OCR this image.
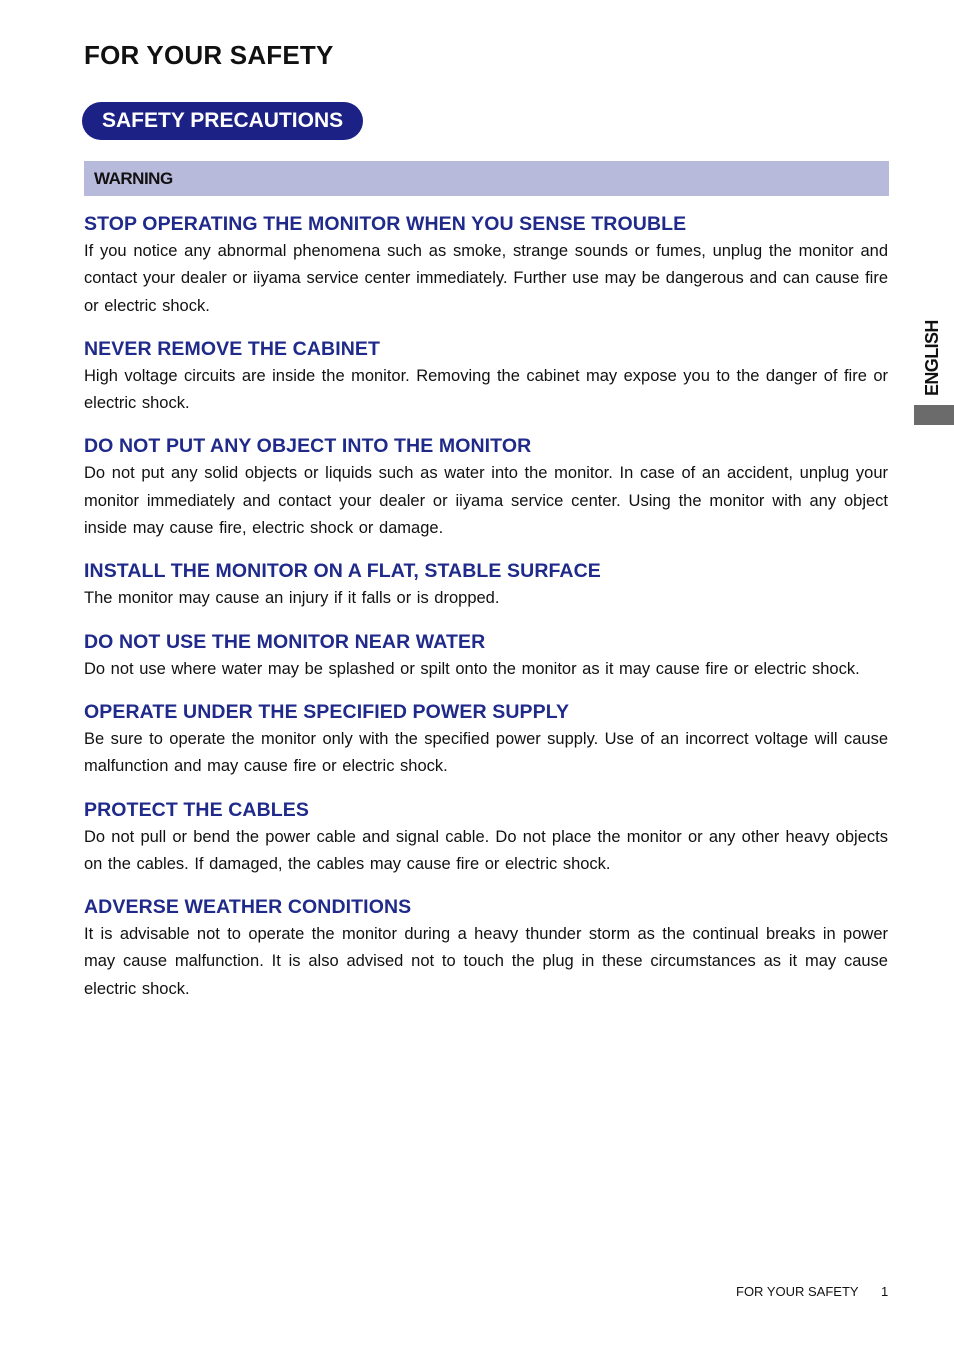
FOR YOUR SAFETY
SAFETY PRECAUTIONS
WARNING
STOP OPERATING THE MONITOR WHEN YOU SENSE TROUBLE

If you notice any abnormal phenomena such as smoke, strange sounds or fumes, unplug the monitor and contact your dealer or iiyama service center immediately. Further use may be dangerous and can cause fire or electric shock.

NEVER REMOVE THE CABINET

High voltage circuits are inside the monitor. Removing the cabinet may expose you to the danger of fire or electric shock.

DO NOT PUT ANY OBJECT INTO THE MONITOR

Do not put any solid objects or liquids such as water into the monitor. In case of an accident, unplug your monitor immediately and contact your dealer or iiyama service center. Using the monitor with any object inside may cause fire, electric shock or damage.

INSTALL THE MONITOR ON A FLAT, STABLE SURFACE

The monitor may cause an injury if it falls or is dropped.

DO NOT USE THE MONITOR NEAR WATER

Do not use where water may be splashed or spilt onto the monitor as it may cause fire or electric shock.

OPERATE UNDER THE SPECIFIED POWER SUPPLY

Be sure to operate the monitor only with the specified power supply. Use of an incorrect voltage will cause malfunction and may cause fire or electric shock.

PROTECT THE CABLES

Do not pull or bend the power cable and signal cable. Do not place the monitor or any other heavy objects on the cables. If damaged, the cables may cause fire or electric shock.

ADVERSE WEATHER CONDITIONS

It is advisable not to operate the monitor during a heavy thunder storm as the continual breaks in power may cause malfunction. It is also advised not to touch the plug in these circumstances as it may cause electric shock.

ENGLISH
FOR YOUR SAFETY 1
